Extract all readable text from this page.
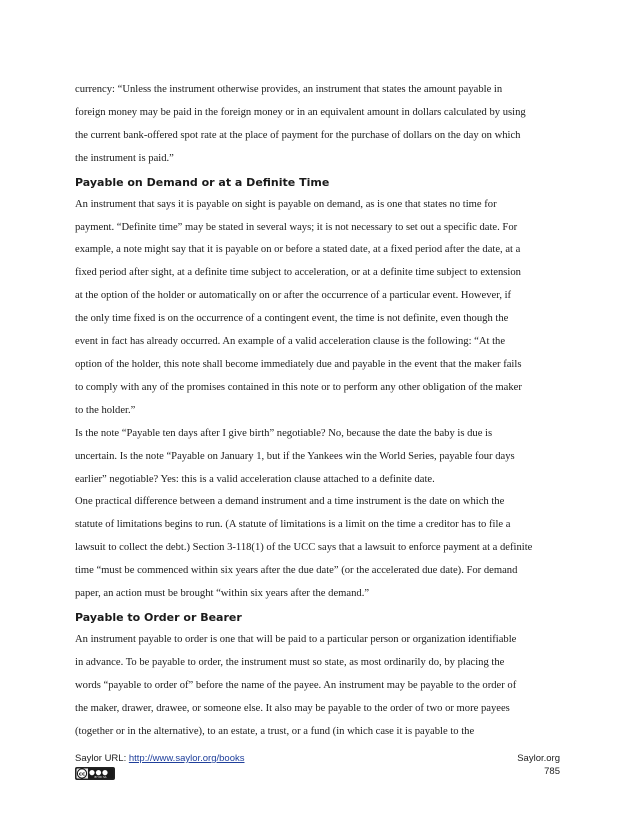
currency: “Unless the instrument otherwise provides, an instrument that states the amount payable in
foreign money may be paid in the foreign money or in an equivalent amount in dollars calculated by using
the current bank-offered spot rate at the place of payment for the purchase of dollars on the day on which
the instrument is paid.”
Payable on Demand or at a Definite Time
An instrument that says it is payable on sight is payable on demand, as is one that states no time for
payment. “Definite time” may be stated in several ways; it is not necessary to set out a specific date. For
example, a note might say that it is payable on or before a stated date, at a fixed period after the date, at a
fixed period after sight, at a definite time subject to acceleration, or at a definite time subject to extension
at the option of the holder or automatically on or after the occurrence of a particular event. However, if
the only time fixed is on the occurrence of a contingent event, the time is not definite, even though the
event in fact has already occurred. An example of a valid acceleration clause is the following: “At the
option of the holder, this note shall become immediately due and payable in the event that the maker fails
to comply with any of the promises contained in this note or to perform any other obligation of the maker
to the holder.”
Is the note “Payable ten days after I give birth” negotiable? No, because the date the baby is due is
uncertain. Is the note “Payable on January 1, but if the Yankees win the World Series, payable four days
earlier” negotiable? Yes: this is a valid acceleration clause attached to a definite date.
One practical difference between a demand instrument and a time instrument is the date on which the
statute of limitations begins to run. (A statute of limitations is a limit on the time a creditor has to file a
lawsuit to collect the debt.) Section 3-118(1) of the UCC says that a lawsuit to enforce payment at a definite
time “must be commenced within six years after the due date” (or the accelerated due date). For demand
paper, an action must be brought “within six years after the demand.”
Payable to Order or Bearer
An instrument payable to order is one that will be paid to a particular person or organization identifiable
in advance. To be payable to order, the instrument must so state, as most ordinarily do, by placing the
words “payable to order of” before the name of the payee. An instrument may be payable to the order of
the maker, drawer, drawee, or someone else. It also may be payable to the order of two or more payees
(together or in the alternative), to an estate, a trust, or a fund (in which case it is payable to the
Saylor URL: http://www.saylor.org/books
cc	BY NC SA
Saylor.org
785
